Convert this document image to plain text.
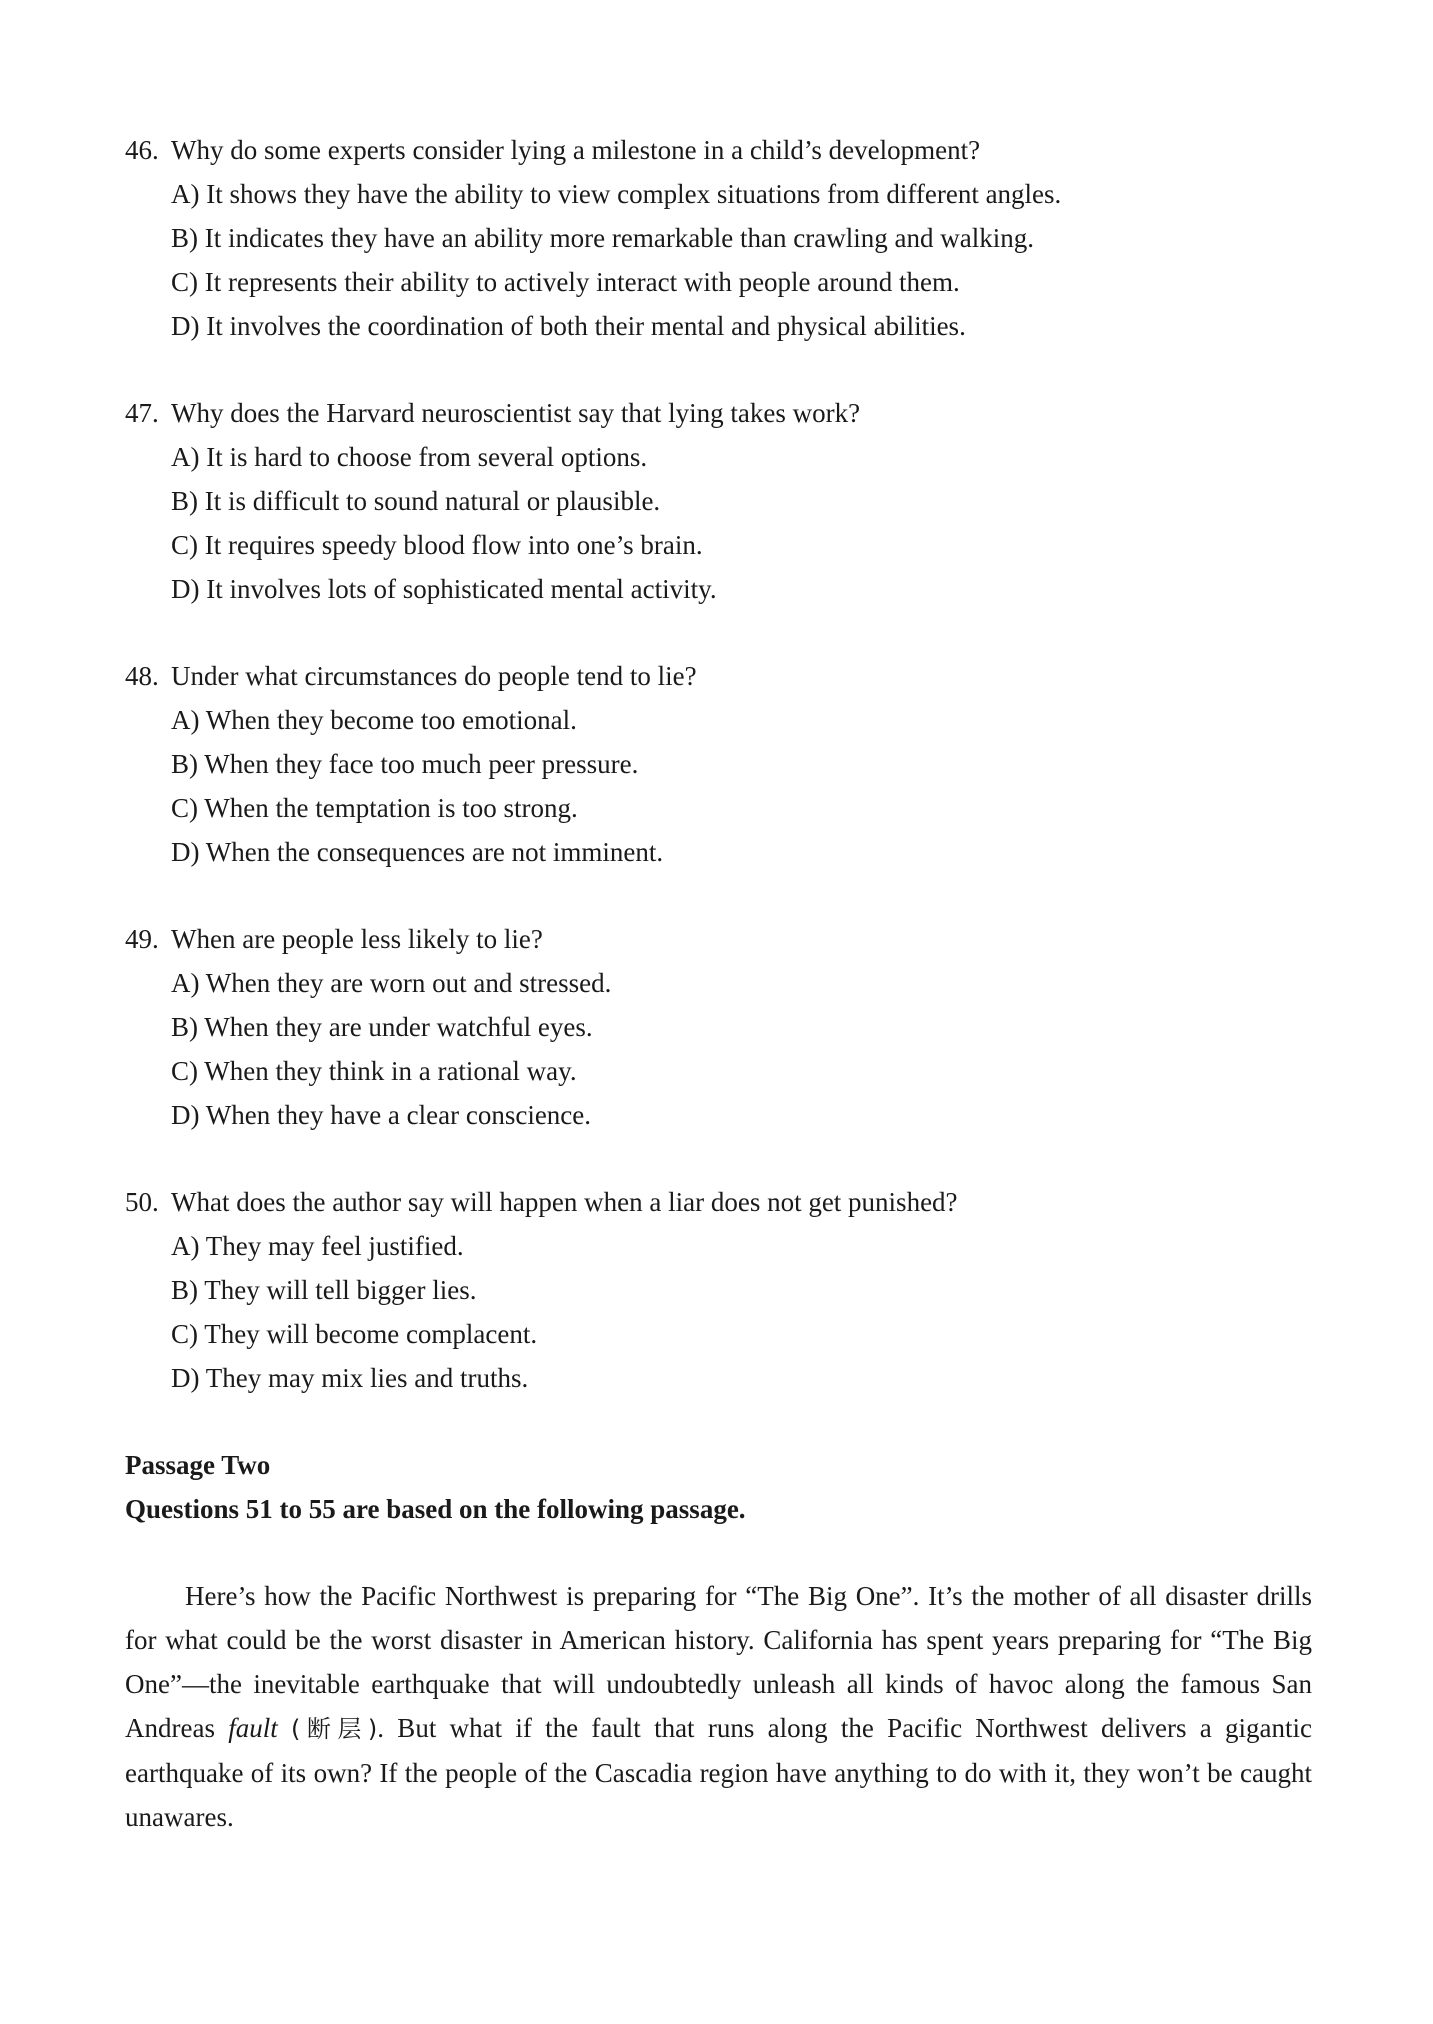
46. Why do some experts consider lying a milestone in a child’s development?
A) It shows they have the ability to view complex situations from different angles.
B) It indicates they have an ability more remarkable than crawling and walking.
C) It represents their ability to actively interact with people around them.
D) It involves the coordination of both their mental and physical abilities.
47. Why does the Harvard neuroscientist say that lying takes work?
A) It is hard to choose from several options.
B) It is difficult to sound natural or plausible.
C) It requires speedy blood flow into one’s brain.
D) It involves lots of sophisticated mental activity.
48. Under what circumstances do people tend to lie?
A) When they become too emotional.
B) When they face too much peer pressure.
C) When the temptation is too strong.
D) When the consequences are not imminent.
49. When are people less likely to lie?
A) When they are worn out and stressed.
B) When they are under watchful eyes.
C) When they think in a rational way.
D) When they have a clear conscience.
50. What does the author say will happen when a liar does not get punished?
A) They may feel justified.
B) They will tell bigger lies.
C) They will become complacent.
D) They may mix lies and truths.
Passage Two
Questions 51 to 55 are based on the following passage.
Here’s how the Pacific Northwest is preparing for “The Big One”. It’s the mother of all disaster drills for what could be the worst disaster in American history. California has spent years preparing for “The Big One”—the inevitable earthquake that will undoubtedly unleash all kinds of havoc along the famous San Andreas fault (断层). But what if the fault that runs along the Pacific Northwest delivers a gigantic earthquake of its own? If the people of the Cascadia region have anything to do with it, they won’t be caught unawares.
